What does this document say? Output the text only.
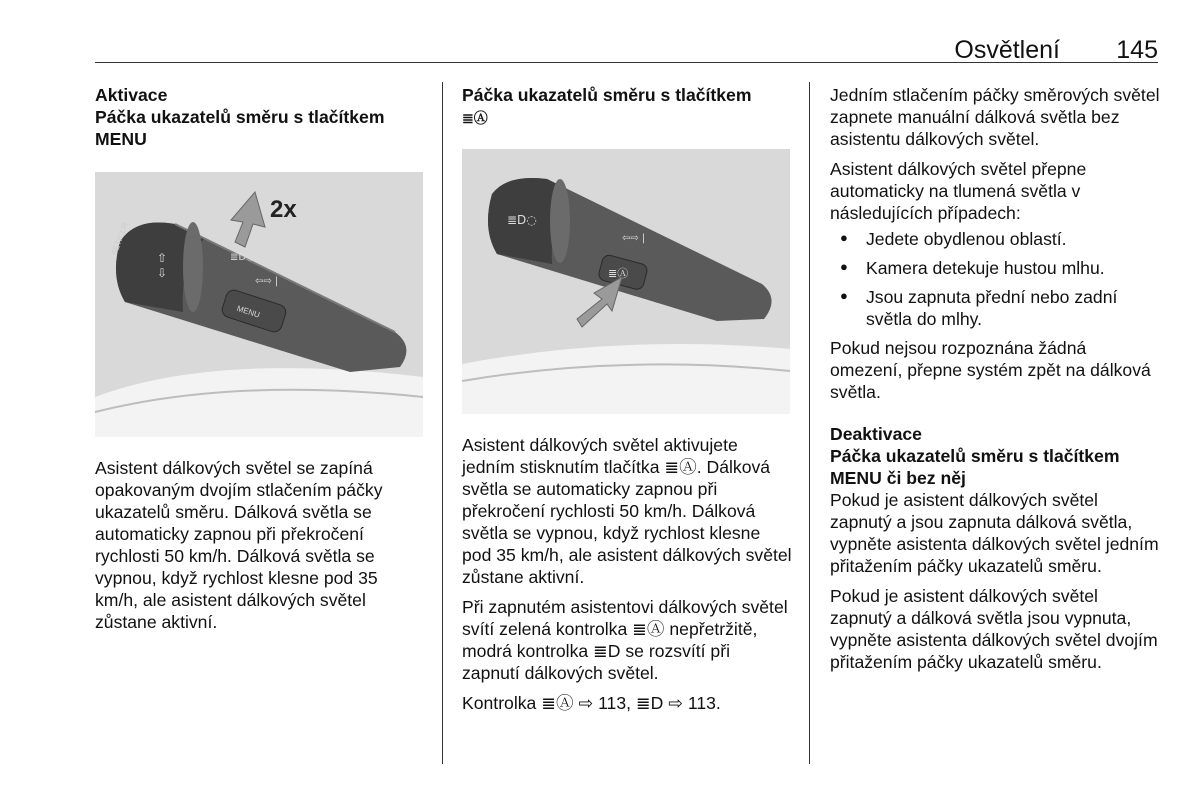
Osvětlení 145

Aktivace

Páčka ukazatelů směru s tlačítkem MENU

≣D◌
⇦⇨ |
⇧
⇩
2x
SET/CLR
MENU

Asistent dálkových světel se zapíná opakovaným dvojím stlačením páčky ukazatelů směru. Dálková světla se automaticky zapnou při překročení rychlosti 50 km/h. Dálková světla se vypnou, když rychlost klesne pod 35 km/h, ale asistent dálkových světel zůstane aktivní.

Páčka ukazatelů směru s tlačítkem
≣Ⓐ

≣Ⓐ
≣D◌
⇦⇨ |

Asistent dálkových světel aktivujete jedním stisknutím tlačítka ≣Ⓐ. Dálková světla se automaticky zapnou při překročení rychlosti 50 km/h. Dálková světla se vypnou, když rychlost klesne pod 35 km/h, ale asistent dálkových světel zůstane aktivní.

Při zapnutém asistentovi dálkových světel svítí zelená kontrolka ≣Ⓐ nepřetržitě, modrá kontrolka ≣D se rozsvítí při zapnutí dálkových světel.

Kontrolka ≣Ⓐ ⇨ 113, ≣D ⇨ 113.

Jedním stlačením páčky směrových světel zapnete manuální dálková světla bez asistentu dálkových světel.

Asistent dálkových světel přepne automaticky na tlumená světla v následujících případech:

● Jedete obydlenou oblastí.
● Kamera detekuje hustou mlhu.
● Jsou zapnuta přední nebo zadní světla do mlhy.

Pokud nejsou rozpoznána žádná omezení, přepne systém zpět na dálková světla.

Deaktivace

Páčka ukazatelů směru s tlačítkem MENU či bez něj

Pokud je asistent dálkových světel zapnutý a jsou zapnuta dálková světla, vypněte asistenta dálkových světel jedním přitažením páčky ukazatelů směru.

Pokud je asistent dálkových světel zapnutý a dálková světla jsou vypnuta, vypněte asistenta dálkových světel dvojím přitažením páčky ukazatelů směru.
